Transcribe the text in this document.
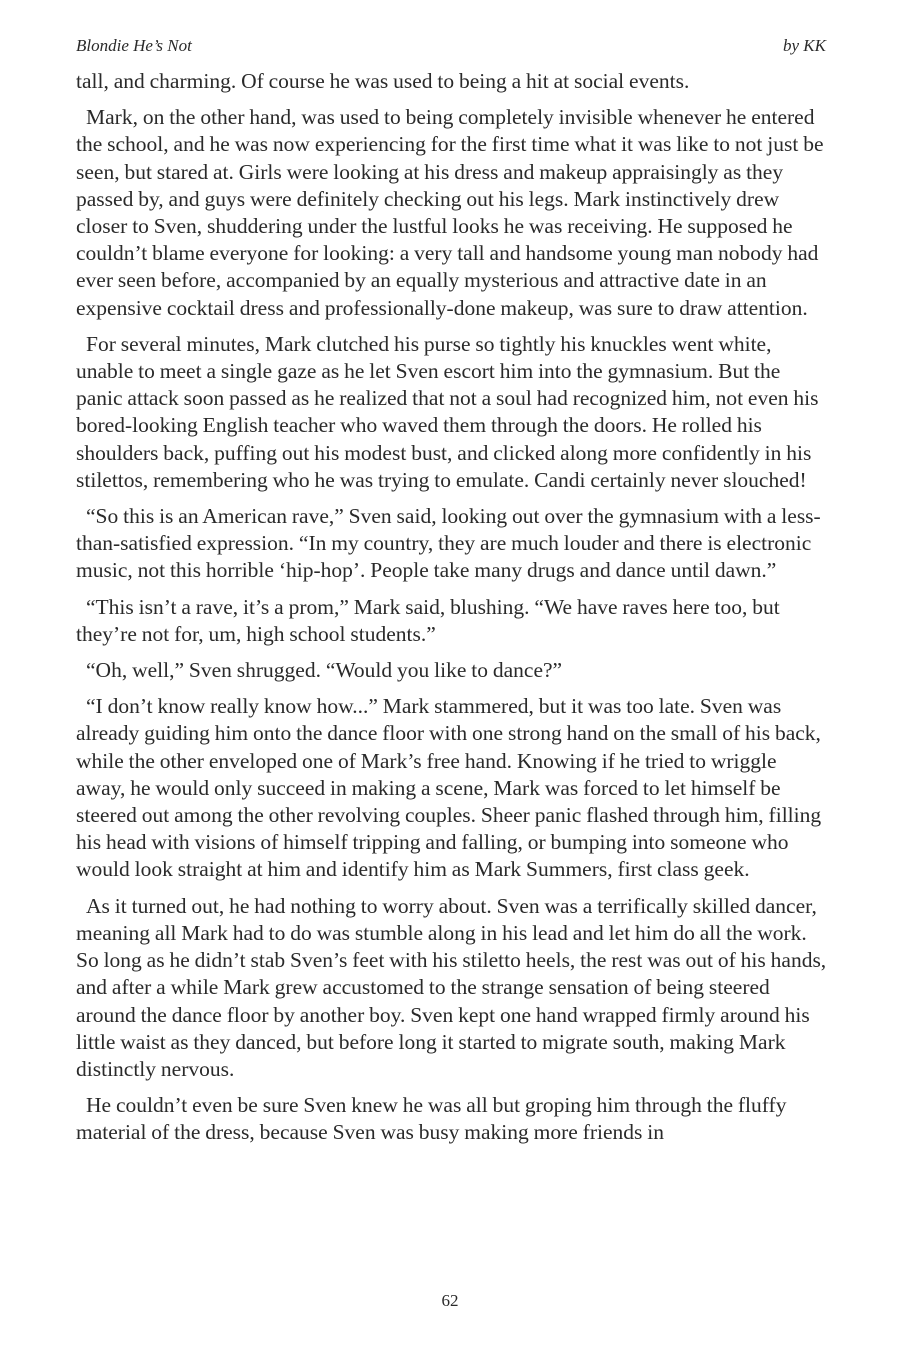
Blondie He’s Not	by KK

tall, and charming. Of course he was used to being a hit at social events.

Mark, on the other hand, was used to being completely invisible whenever he entered the school, and he was now experiencing for the first time what it was like to not just be seen, but stared at. Girls were looking at his dress and makeup appraisingly as they passed by, and guys were definitely checking out his legs. Mark instinctively drew closer to Sven, shuddering under the lustful looks he was receiving. He supposed he couldn’t blame everyone for looking: a very tall and handsome young man nobody had ever seen before, accompanied by an equally mysterious and attractive date in an expensive cocktail dress and professionally-done makeup, was sure to draw attention.

For several minutes, Mark clutched his purse so tightly his knuckles went white, unable to meet a single gaze as he let Sven escort him into the gymnasium. But the panic attack soon passed as he realized that not a soul had recognized him, not even his bored-looking English teacher who waved them through the doors. He rolled his shoulders back, puffing out his modest bust, and clicked along more confidently in his stilettos, remembering who he was trying to emulate. Candi certainly never slouched!

“So this is an American rave,” Sven said, looking out over the gymnasium with a less-than-satisfied expression. “In my country, they are much louder and there is electronic music, not this horrible ‘hip-hop’. People take many drugs and dance until dawn.”

“This isn’t a rave, it’s a prom,” Mark said, blushing. “We have raves here too, but they’re not for, um, high school students.”

“Oh, well,” Sven shrugged. “Would you like to dance?”

“I don’t know really know how...” Mark stammered, but it was too late. Sven was already guiding him onto the dance floor with one strong hand on the small of his back, while the other enveloped one of Mark’s free hand. Knowing if he tried to wriggle away, he would only succeed in making a scene, Mark was forced to let himself be steered out among the other revolving couples. Sheer panic flashed through him, filling his head with visions of himself tripping and falling, or bumping into someone who would look straight at him and identify him as Mark Summers, first class geek.

As it turned out, he had nothing to worry about. Sven was a terrifically skilled dancer, meaning all Mark had to do was stumble along in his lead and let him do all the work. So long as he didn’t stab Sven’s feet with his stiletto heels, the rest was out of his hands, and after a while Mark grew accustomed to the strange sensation of being steered around the dance floor by another boy. Sven kept one hand wrapped firmly around his little waist as they danced, but before long it started to migrate south, making Mark distinctly nervous.

He couldn’t even be sure Sven knew he was all but groping him through the fluffy material of the dress, because Sven was busy making more friends in

62
